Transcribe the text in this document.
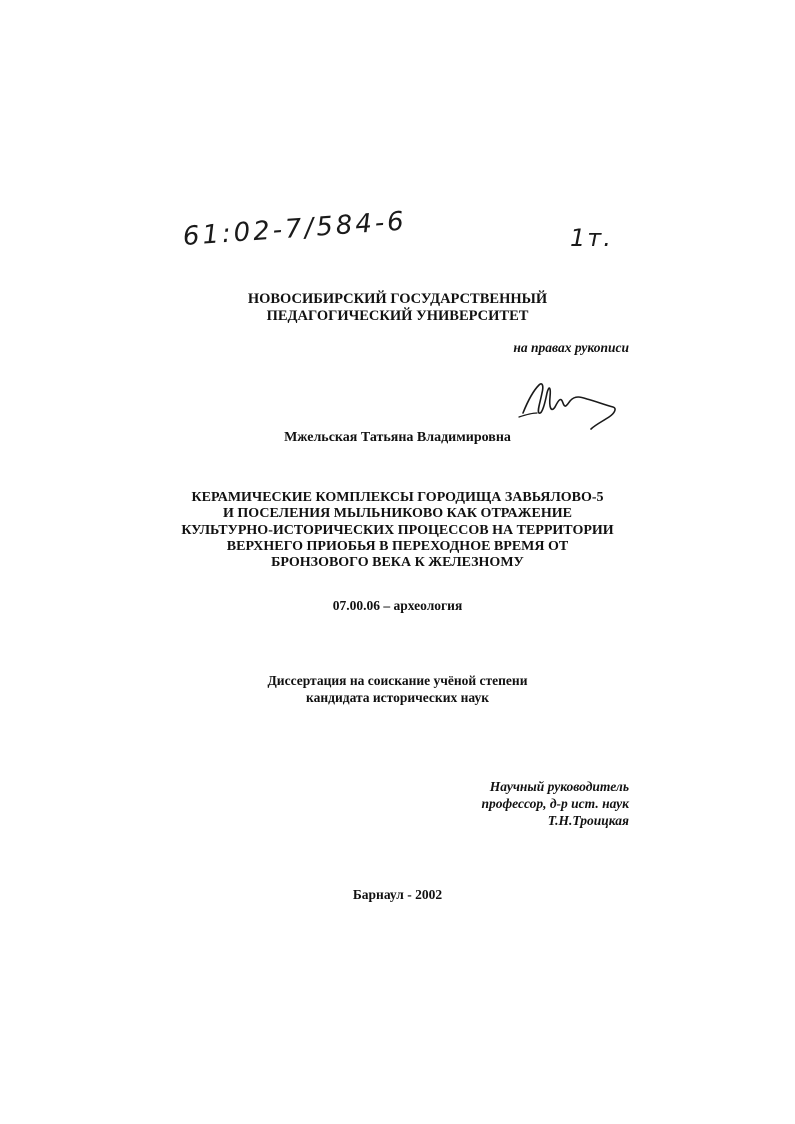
61:02-7/584-6	1т.
НОВОСИБИРСКИЙ ГОСУДАРСТВЕННЫЙ
ПЕДАГОГИЧЕСКИЙ УНИВЕРСИТЕТ
на правах рукописи
Мжельская Татьяна Владимировна
КЕРАМИЧЕСКИЕ КОМПЛЕКСЫ ГОРОДИЩА ЗАВЬЯЛОВО-5
И ПОСЕЛЕНИЯ МЫЛЬНИКОВО КАК ОТРАЖЕНИЕ
КУЛЬТУРНО-ИСТОРИЧЕСКИХ ПРОЦЕССОВ НА ТЕРРИТОРИИ
ВЕРХНЕГО ПРИОБЬЯ В ПЕРЕХОДНОЕ ВРЕМЯ ОТ
БРОНЗОВОГО ВЕКА К ЖЕЛЕЗНОМУ
07.00.06 – археология
Диссертация на соискание учёной степени
кандидата исторических наук
Научный руководитель
профессор, д-р ист. наук
Т.Н.Троицкая
Барнаул - 2002
